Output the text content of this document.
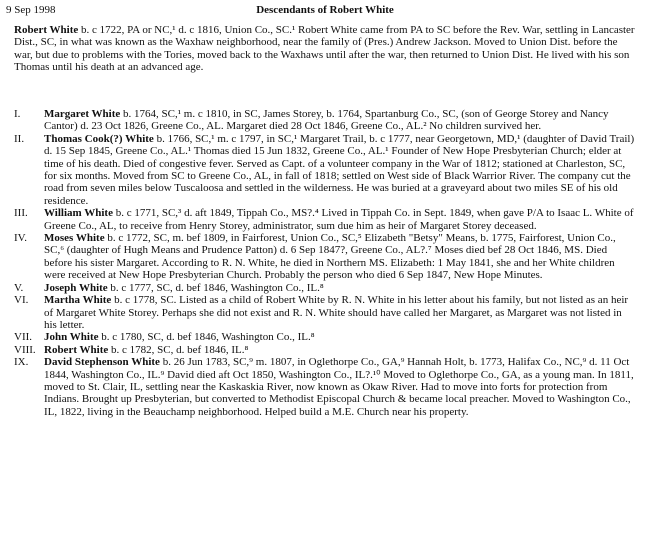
9 Sep 1998	Descendants of Robert White
Robert White b. c 1722, PA or NC,¹ d. c 1816, Union Co., SC.¹ Robert White came from PA to SC before the Rev. War, settling in Lancaster Dist., SC, in what was known as the Waxhaw neighborhood, near the family of (Pres.) Andrew Jackson. Moved to Union Dist. before the war, but due to problems with the Tories, moved back to the Waxhaws until after the war, then returned to Union Dist. He lived with his son Thomas until his death at an advanced age.
I.	Margaret White b. 1764, SC,¹ m. c 1810, in SC, James Storey, b. 1764, Spartanburg Co., SC, (son of George Storey and Nancy Cantor) d. 23 Oct 1826, Greene Co., AL. Margaret died 28 Oct 1846, Greene Co., AL.² No children survived her.
II.	Thomas Cook(?) White b. 1766, SC,¹ m. c 1797, in SC,¹ Margaret Trail, b. c 1777, near Georgetown, MD,¹ (daughter of David Trail) d. 15 Sep 1845, Greene Co., AL.¹ Thomas died 15 Jun 1832, Greene Co., AL.¹ Founder of New Hope Presbyterian Church; elder at time of his death. Died of congestive fever. Served as Capt. of a volunteer company in the War of 1812; stationed at Charleston, SC, for six months. Moved from SC to Greene Co., AL, in fall of 1818; settled on West side of Black Warrior River. The company cut the road from seven miles below Tuscaloosa and settled in the wilderness. He was buried at a graveyard about two miles SE of his old residence.
III.	William White b. c 1771, SC,³ d. aft 1849, Tippah Co., MS?.⁴ Lived in Tippah Co. in Sept. 1849, when gave P/A to Isaac L. White of Greene Co., AL, to receive from Henry Storey, administrator, sum due him as heir of Margaret Storey deceased.
IV.	Moses White b. c 1772, SC, m. bef 1809, in Fairforest, Union Co., SC,⁵ Elizabeth "Betsy" Means, b. 1775, Fairforest, Union Co., SC,⁶ (daughter of Hugh Means and Prudence Patton) d. 6 Sep 1847?, Greene Co., AL?.⁷ Moses died bef 28 Oct 1846, MS. Died before his sister Margaret. According to R. N. White, he died in Northern MS. Elizabeth: 1 May 1841, she and her White children were received at New Hope Presbyterian Church. Probably the person who died 6 Sep 1847, New Hope Minutes.
V.	Joseph White b. c 1777, SC, d. bef 1846, Washington Co., IL.⁸
VI.	Martha White b. c 1778, SC. Listed as a child of Robert White by R. N. White in his letter about his family, but not listed as an heir of Margaret White Storey. Perhaps she did not exist and R. N. White should have called her Margaret, as Margaret was not listed in his letter.
VII.	John White b. c 1780, SC, d. bef 1846, Washington Co., IL.⁸
VIII. Robert White b. c 1782, SC, d. bef 1846, IL.⁸
IX.	David Stephenson White b. 26 Jun 1783, SC,⁹ m. 1807, in Oglethorpe Co., GA,⁹ Hannah Holt, b. 1773, Halifax Co., NC,⁹ d. 11 Oct 1844, Washington Co., IL.⁹ David died aft Oct 1850, Washington Co., IL?.¹⁰ Moved to Oglethorpe Co., GA, as a young man. In 1811, moved to St. Clair, IL, settling near the Kaskaskia River, now known as Okaw River. Had to move into forts for protection from Indians. Brought up Presbyterian, but converted to Methodist Episcopal Church & became local preacher. Moved to Washington Co., IL, 1822, living in the Beauchamp neighborhood. Helped build a M.E. Church near his property.
